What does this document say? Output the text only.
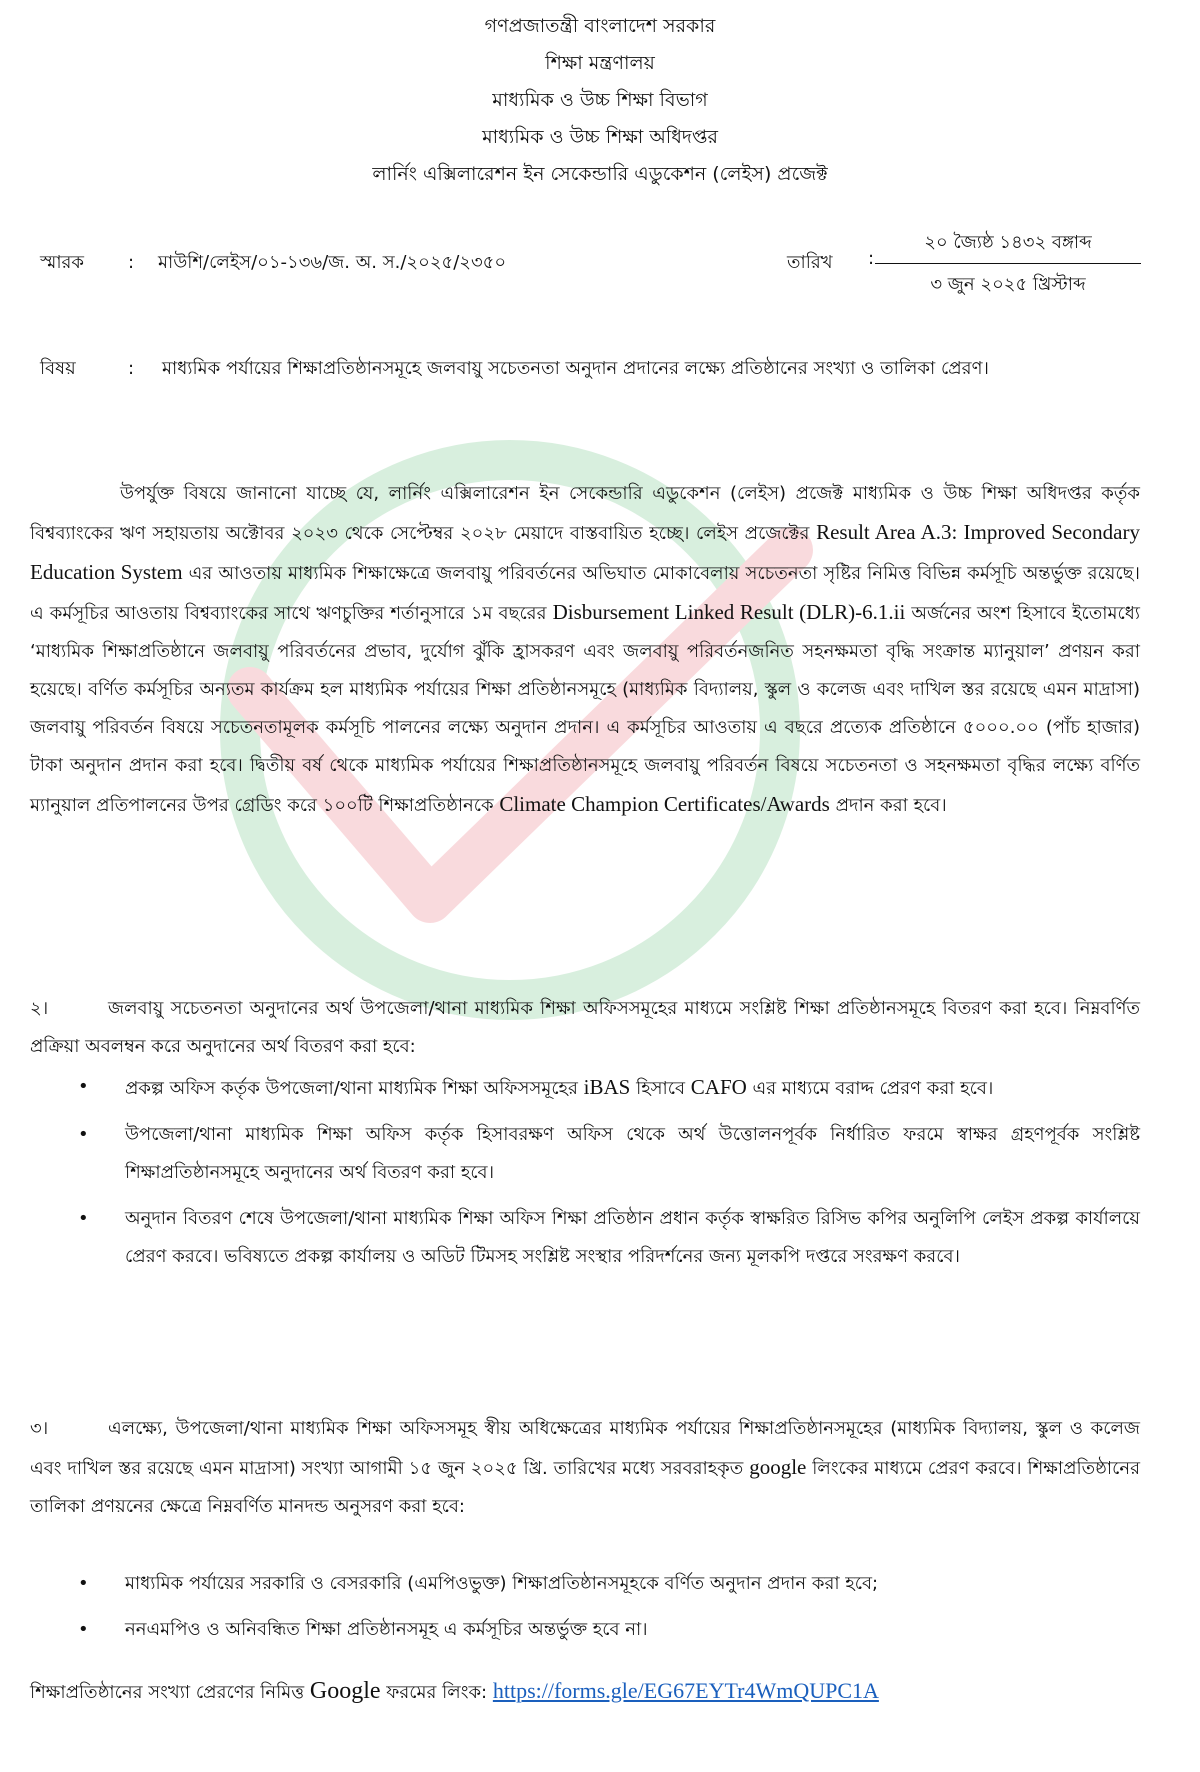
গণপ্রজাতন্ত্রী বাংলাদেশ সরকার
শিক্ষা মন্ত্রণালয়
মাধ্যমিক ও উচ্চ শিক্ষা বিভাগ
মাধ্যমিক ও উচ্চ শিক্ষা অধিদপ্তর
লার্নিং এক্সিলারেশন ইন সেকেন্ডারি এডুকেশন (লেইস) প্রজেক্ট
স্মারক : মাউশি/লেইস/০১-১৩৬/জ. অ. স./২০২৫/২৩৫০	তারিখ :
২০ জ্যৈষ্ঠ ১৪৩২ বঙ্গাব্দ
৩ জুন ২০২৫ খ্রিস্টাব্দ
বিষয়	: মাধ্যমিক পর্যায়ের শিক্ষাপ্রতিষ্ঠানসমূহে জলবায়ু সচেতনতা অনুদান প্রদানের লক্ষ্যে প্রতিষ্ঠানের সংখ্যা ও তালিকা প্রেরণ।
উপর্যুক্ত বিষয়ে জানানো যাচ্ছে যে, লার্নিং এক্সিলারেশন ইন সেকেন্ডারি এডুকেশন (লেইস) প্রজেক্ট মাধ্যমিক ও উচ্চ শিক্ষা অধিদপ্তর কর্তৃক বিশ্বব্যাংকের ঋণ সহায়তায় অক্টোবর ২০২৩ থেকে সেপ্টেম্বর ২০২৮ মেয়াদে বাস্তবায়িত হচ্ছে। লেইস প্রজেক্টের Result Area A.3: Improved Secondary Education System এর আওতায় মাধ্যমিক শিক্ষাক্ষেত্রে জলবায়ু পরিবর্তনের অভিঘাত মোকাবেলায় সচেতনতা সৃষ্টির নিমিত্ত বিভিন্ন কর্মসূচি অন্তর্ভুক্ত রয়েছে। এ কর্মসূচির আওতায় বিশ্বব্যাংকের সাথে ঋণচুক্তির শর্তানুসারে ১ম বছরের Disbursement Linked Result (DLR)-6.1.ii অর্জনের অংশ হিসাবে ইতোমধ্যে ‘মাধ্যমিক শিক্ষাপ্রতিষ্ঠানে জলবায়ু পরিবর্তনের প্রভাব, দুর্যোগ ঝুঁকি হ্রাসকরণ এবং জলবায়ু পরিবর্তনজনিত সহনক্ষমতা বৃদ্ধি সংক্রান্ত ম্যানুয়াল’ প্রণয়ন করা হয়েছে। বর্ণিত কর্মসূচির অন্যতম কার্যক্রম হল মাধ্যমিক পর্যায়ের শিক্ষা প্রতিষ্ঠানসমূহে (মাধ্যমিক বিদ্যালয়, স্কুল ও কলেজ এবং দাখিল স্তর রয়েছে এমন মাদ্রাসা) জলবায়ু পরিবর্তন বিষয়ে সচেতনতামূলক কর্মসূচি পালনের লক্ষ্যে অনুদান প্রদান। এ কর্মসূচির আওতায় এ বছরে প্রত্যেক প্রতিষ্ঠানে ৫০০০.০০ (পাঁচ হাজার) টাকা অনুদান প্রদান করা হবে। দ্বিতীয় বর্ষ থেকে মাধ্যমিক পর্যায়ের শিক্ষাপ্রতিষ্ঠানসমূহে জলবায়ু পরিবর্তন বিষয়ে সচেতনতা ও সহনক্ষমতা বৃদ্ধির লক্ষ্যে বর্ণিত ম্যানুয়াল প্রতিপালনের উপর গ্রেডিং করে ১০০টি শিক্ষাপ্রতিষ্ঠানকে Climate Champion Certificates/Awards প্রদান করা হবে।
২।	জলবায়ু সচেতনতা অনুদানের অর্থ উপজেলা/থানা মাধ্যমিক শিক্ষা অফিসসমূহের মাধ্যমে সংশ্লিষ্ট শিক্ষা প্রতিষ্ঠানসমূহে বিতরণ করা হবে। নিম্নবর্ণিত প্রক্রিয়া অবলম্বন করে অনুদানের অর্থ বিতরণ করা হবে:
• প্রকল্প অফিস কর্তৃক উপজেলা/থানা মাধ্যমিক শিক্ষা অফিসসমূহের iBAS হিসাবে CAFO এর মাধ্যমে বরাদ্দ প্রেরণ করা হবে।
• উপজেলা/থানা মাধ্যমিক শিক্ষা অফিস কর্তৃক হিসাবরক্ষণ অফিস থেকে অর্থ উত্তোলনপূর্বক নির্ধারিত ফরমে স্বাক্ষর গ্রহণপূর্বক সংশ্লিষ্ট শিক্ষাপ্রতিষ্ঠানসমূহে অনুদানের অর্থ বিতরণ করা হবে।
• অনুদান বিতরণ শেষে উপজেলা/থানা মাধ্যমিক শিক্ষা অফিস শিক্ষা প্রতিষ্ঠান প্রধান কর্তৃক স্বাক্ষরিত রিসিভ কপির অনুলিপি লেইস প্রকল্প কার্যালয়ে প্রেরণ করবে। ভবিষ্যতে প্রকল্প কার্যালয় ও অডিট টিমসহ সংশ্লিষ্ট সংস্থার পরিদর্শনের জন্য মূলকপি দপ্তরে সংরক্ষণ করবে।
৩।	এলক্ষ্যে, উপজেলা/থানা মাধ্যমিক শিক্ষা অফিসসমূহ স্বীয় অধিক্ষেত্রের মাধ্যমিক পর্যায়ের শিক্ষাপ্রতিষ্ঠানসমূহের (মাধ্যমিক বিদ্যালয়, স্কুল ও কলেজ এবং দাখিল স্তর রয়েছে এমন মাদ্রাসা) সংখ্যা আগামী ১৫ জুন ২০২৫ খ্রি. তারিখের মধ্যে সরবরাহকৃত google লিংকের মাধ্যমে প্রেরণ করবে। শিক্ষাপ্রতিষ্ঠানের তালিকা প্রণয়নের ক্ষেত্রে নিম্নবর্ণিত মানদন্ড অনুসরণ করা হবে:
• মাধ্যমিক পর্যায়ের সরকারি ও বেসরকারি (এমপিওভুক্ত) শিক্ষাপ্রতিষ্ঠানসমূহকে বর্ণিত অনুদান প্রদান করা হবে;
• ননএমপিও ও অনিবন্ধিত শিক্ষা প্রতিষ্ঠানসমূহ এ কর্মসূচির অন্তর্ভুক্ত হবে না।
শিক্ষাপ্রতিষ্ঠানের সংখ্যা প্রেরণের নিমিত্ত Google ফরমের লিংক: https://forms.gle/EG67EYTr4WmQUPC1A
